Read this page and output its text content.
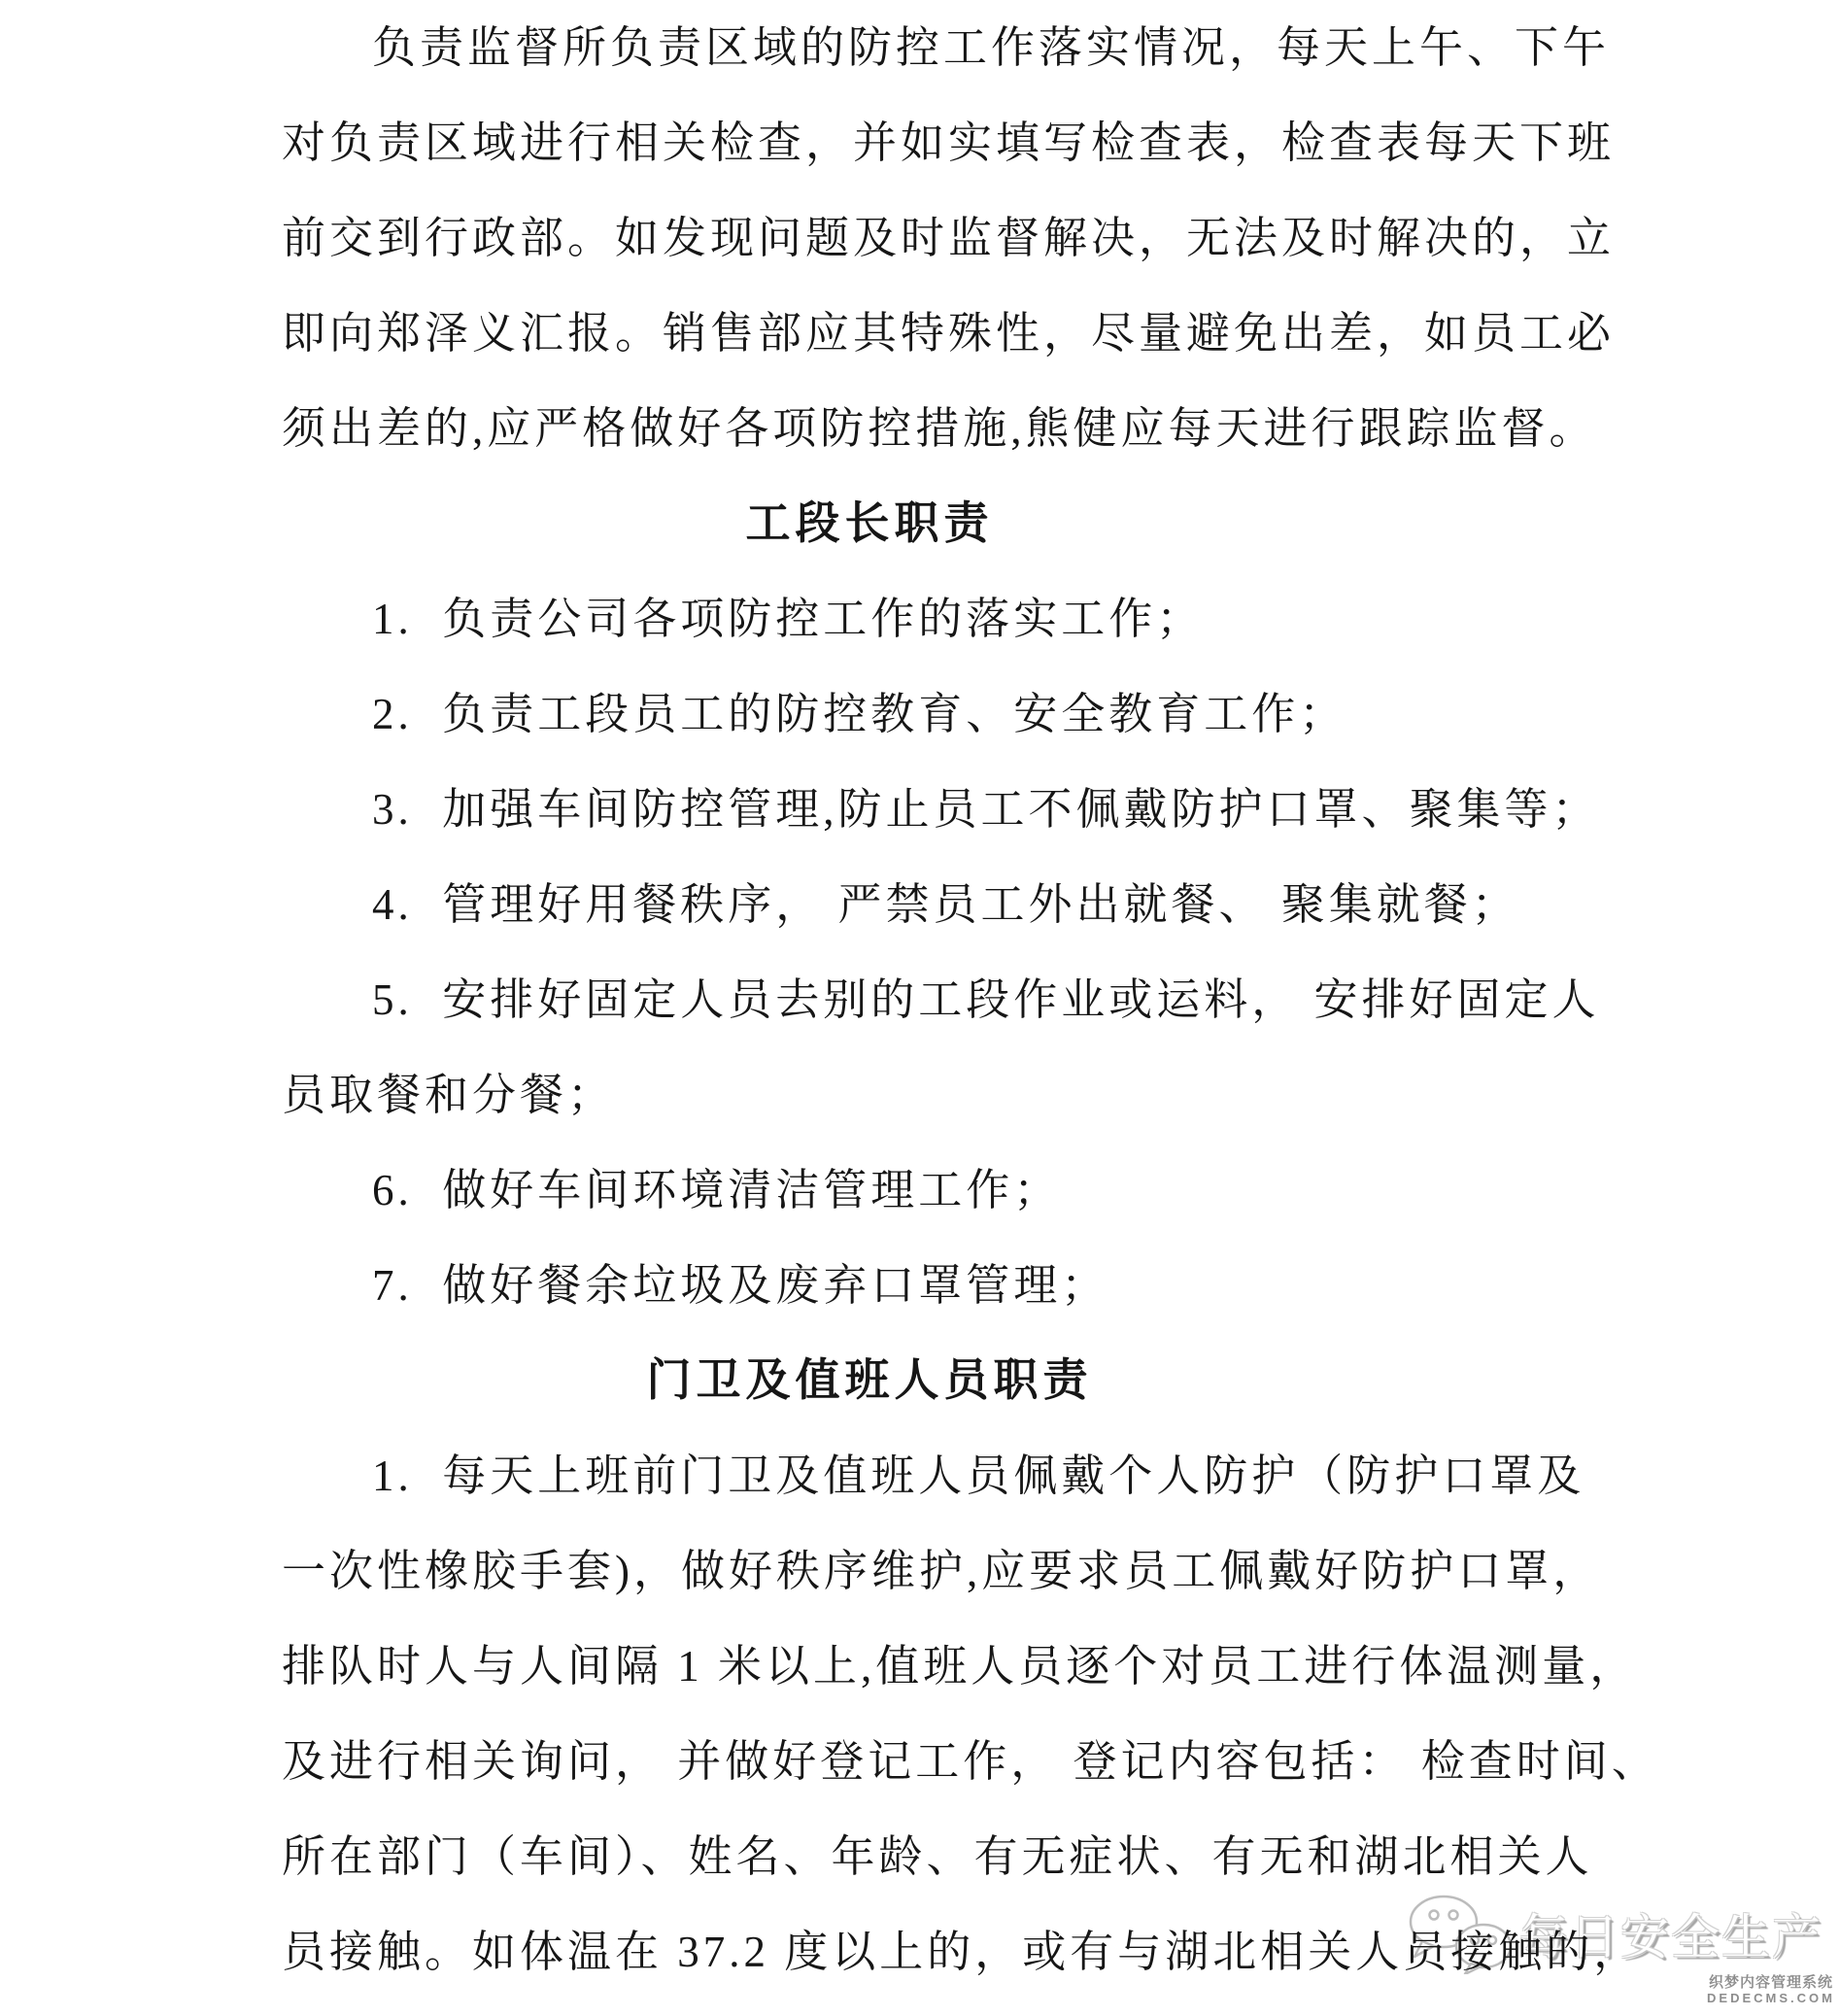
负责监督所负责区域的防控工作落实情况，每天上午、下午
对负责区域进行相关检查，并如实填写检查表，检查表每天下班
前交到行政部。如发现问题及时监督解决，无法及时解决的，立
即向郑泽义汇报。销售部应其特殊性，尽量避免出差，如员工必
须出差的,应严格做好各项防控措施,熊健应每天进行跟踪监督。
工段长职责
1.  负责公司各项防控工作的落实工作；
2.  负责工段员工的防控教育、安全教育工作；
3.  加强车间防控管理,防止员工不佩戴防护口罩、聚集等；
4.  管理好用餐秩序， 严禁员工外出就餐、 聚集就餐；
5.  安排好固定人员去别的工段作业或运料， 安排好固定人
员取餐和分餐；
6.  做好车间环境清洁管理工作；
7.  做好餐余垃圾及废弃口罩管理；
门卫及值班人员职责
1.  每天上班前门卫及值班人员佩戴个人防护（防护口罩及
一次性橡胶手套)，做好秩序维护,应要求员工佩戴好防护口罩，
排队时人与人间隔 1 米以上,值班人员逐个对员工进行体温测量，
及进行相关询问， 并做好登记工作， 登记内容包括： 检查时间、
所在部门（车间）、姓名、年龄、有无症状、有无和湖北相关人
员接触。如体温在 37.2 度以上的，或有与湖北相关人员接触的，
每日安全生产
织梦内容管理系统
DEDECMS.COM
